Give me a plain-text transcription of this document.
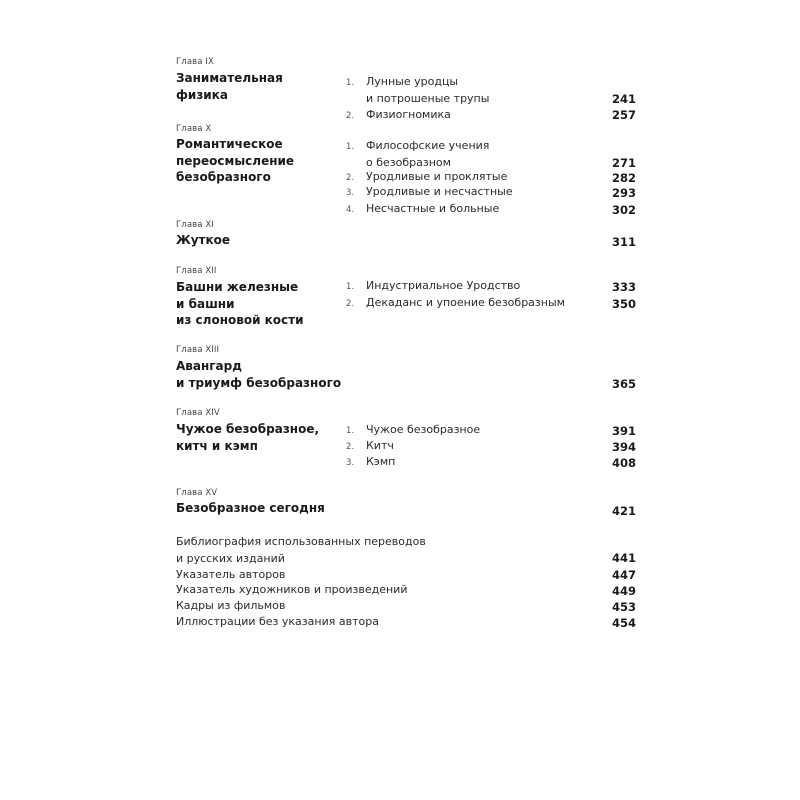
Глава IX
Занимательная
физика
1. Лунные уродцы
и потрошеные трупы	241
2. Физиогномика	257
Глава X
Романтическое
переосмысление
безобразного
1. Философские учения
о безобразном	271
2. Уродливые и проклятые	282
3. Уродливые и несчастные	293
4. Несчастные и больные	302
Глава XI
Жуткое	311
Глава XII
Башни железные
и башни
из слоновой кости
1. Индустриальное Уродство	333
2. Декаданс и упоение безобразным	350
Глава XIII
Авангард
и триумф безобразного	365
Глава XIV
Чужое безобразное,
китч и кэмп
1. Чужое безобразное	391
2. Китч	394
3. Кэмп	408
Глава XV
Безобразное сегодня	421
Библиография использованных переводов
и русских изданий	441
Указатель авторов	447
Указатель художников и произведений	449
Кадры из фильмов	453
Иллюстрации без указания автора	454
